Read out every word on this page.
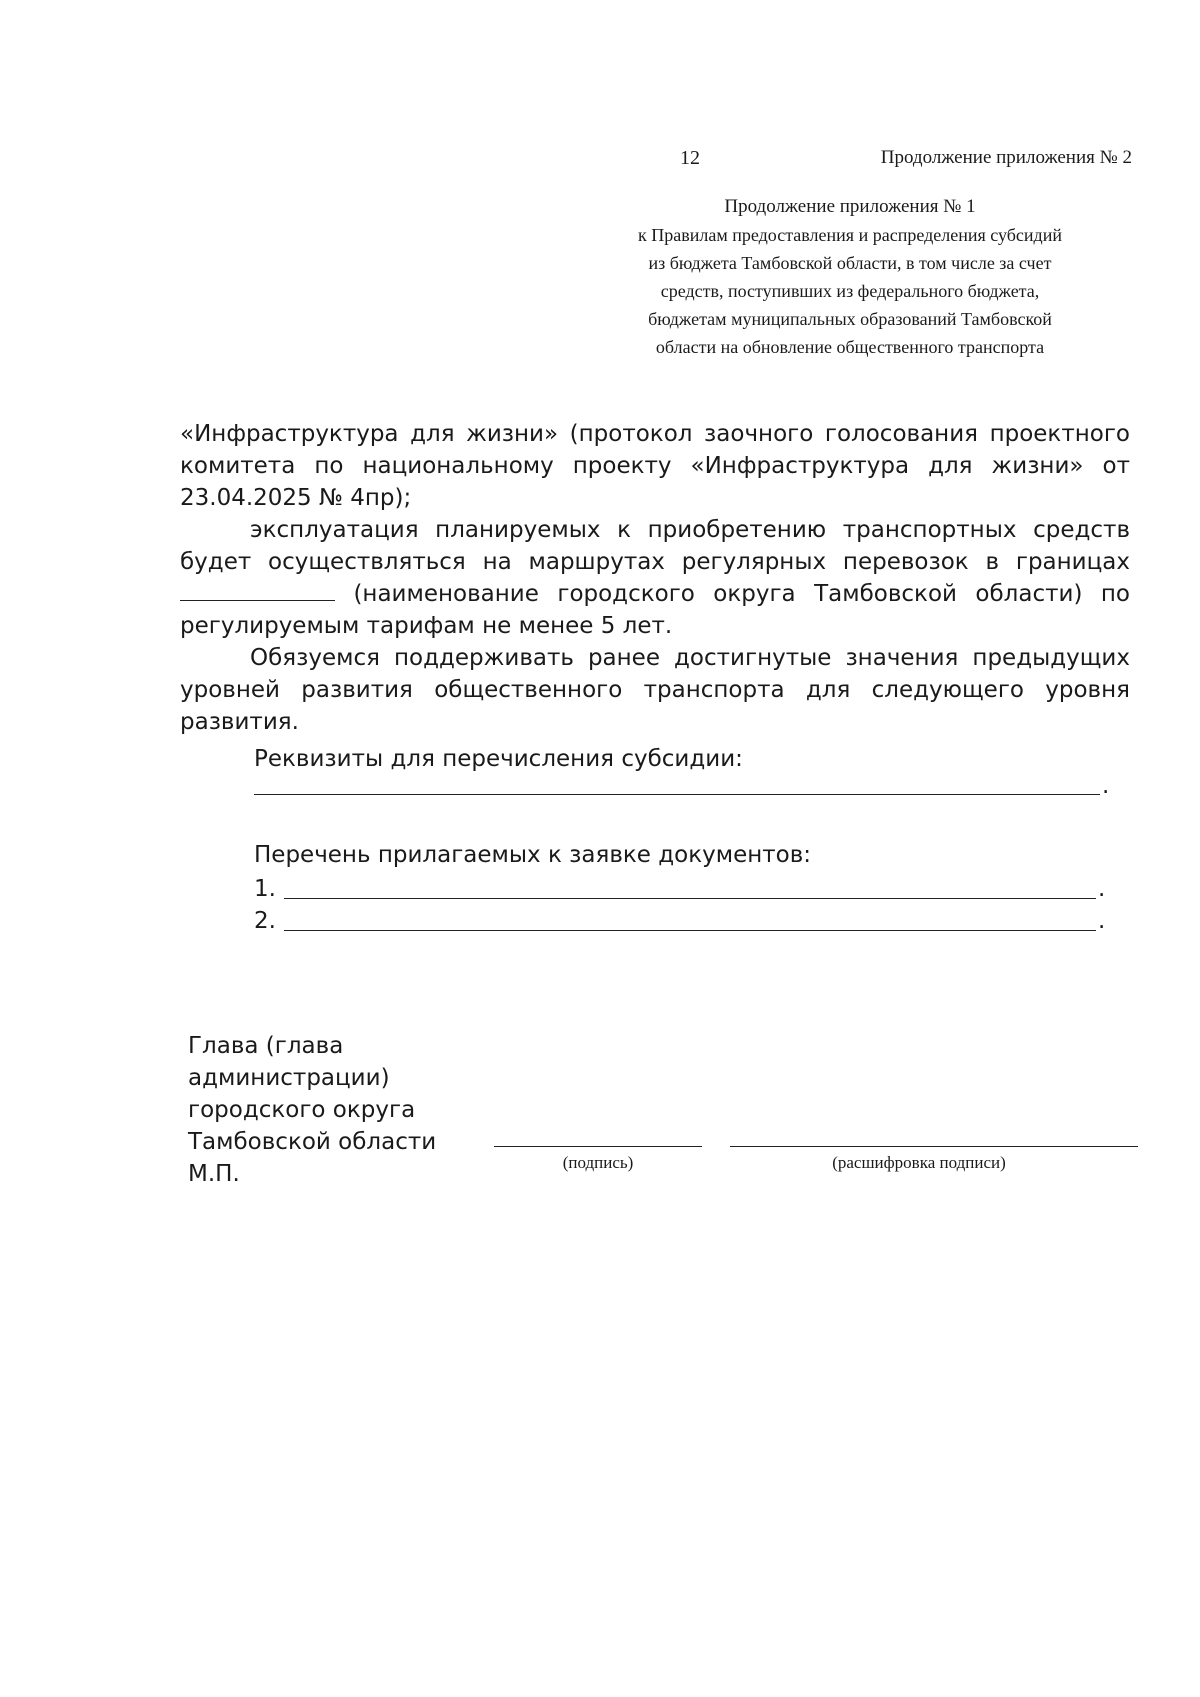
12	Продолжение приложения № 2
Продолжение приложения № 1
к Правилам предоставления и распределения субсидий
из бюджета Тамбовской области, в том числе за счет
средств, поступивших из федерального бюджета,
бюджетам муниципальных образований Тамбовской
области на обновление общественного транспорта

«Инфраструктура для жизни» (протокол заочного голосования проектного комитета по национальному проекту «Инфраструктура для жизни» от 23.04.2025 № 4пр);

эксплуатация планируемых к приобретению транспортных средств будет осуществляться на маршрутах регулярных перевозок в границах  (наименование городского округа Тамбовской области) по регулируемым тарифам не менее 5 лет.

Обязуемся поддерживать ранее достигнутые значения предыдущих уровней развития общественного транспорта для следующего уровня развития.

Реквизиты для перечисления субсидии:
.
Перечень прилагаемых к заявке документов:
1.	.
2.	.
Глава (глава
администрации)
городского округа
Тамбовской области
М.П.	(подпись)	(расшифровка подписи)
